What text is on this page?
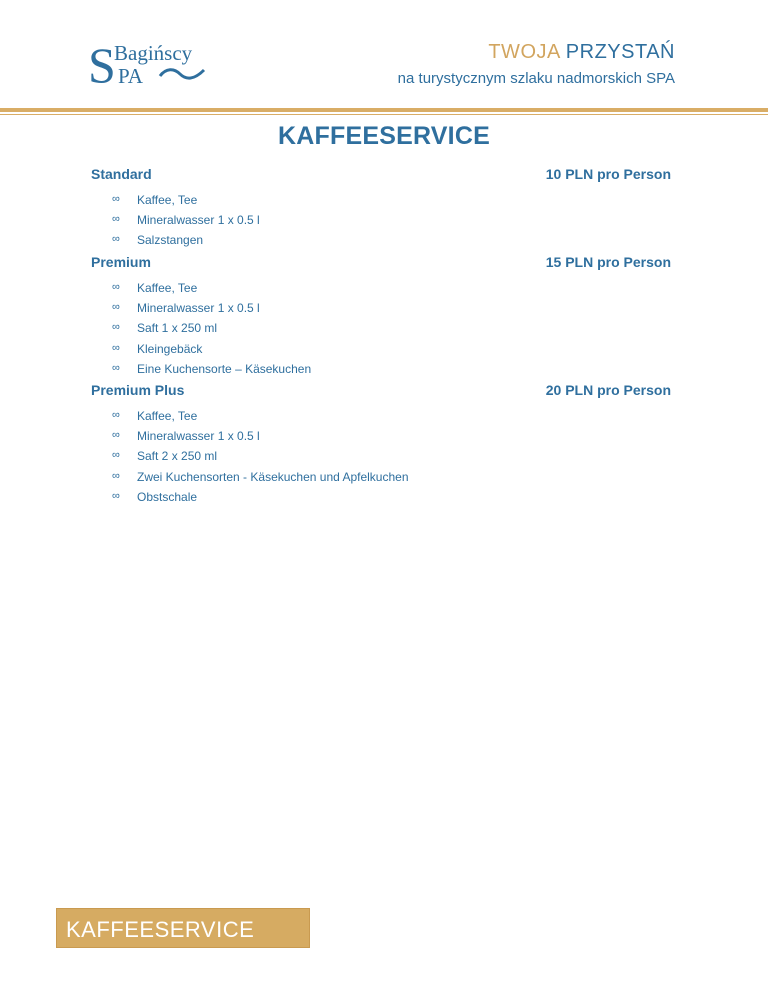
S
Bagińscy
PA
TWOJA PRZYSTAŃ
na turystycznym szlaku nadmorskich SPA
KAFFEESERVICE
Standard	10 PLN pro Person
∞ Kaffee, Tee
∞ Mineralwasser 1 x 0.5 l
∞ Salzstangen
Premium	15 PLN pro Person
∞ Kaffee, Tee
∞ Mineralwasser 1 x 0.5 l
∞ Saft 1 x 250 ml
∞ Kleingebäck
∞ Eine Kuchensorte – Käsekuchen
Premium Plus	20 PLN pro Person
∞ Kaffee, Tee
∞ Mineralwasser 1 x 0.5 l
∞ Saft 2 x 250 ml
∞ Zwei Kuchensorten - Käsekuchen und Apfelkuchen
∞ Obstschale
KAFFEESERVICE
